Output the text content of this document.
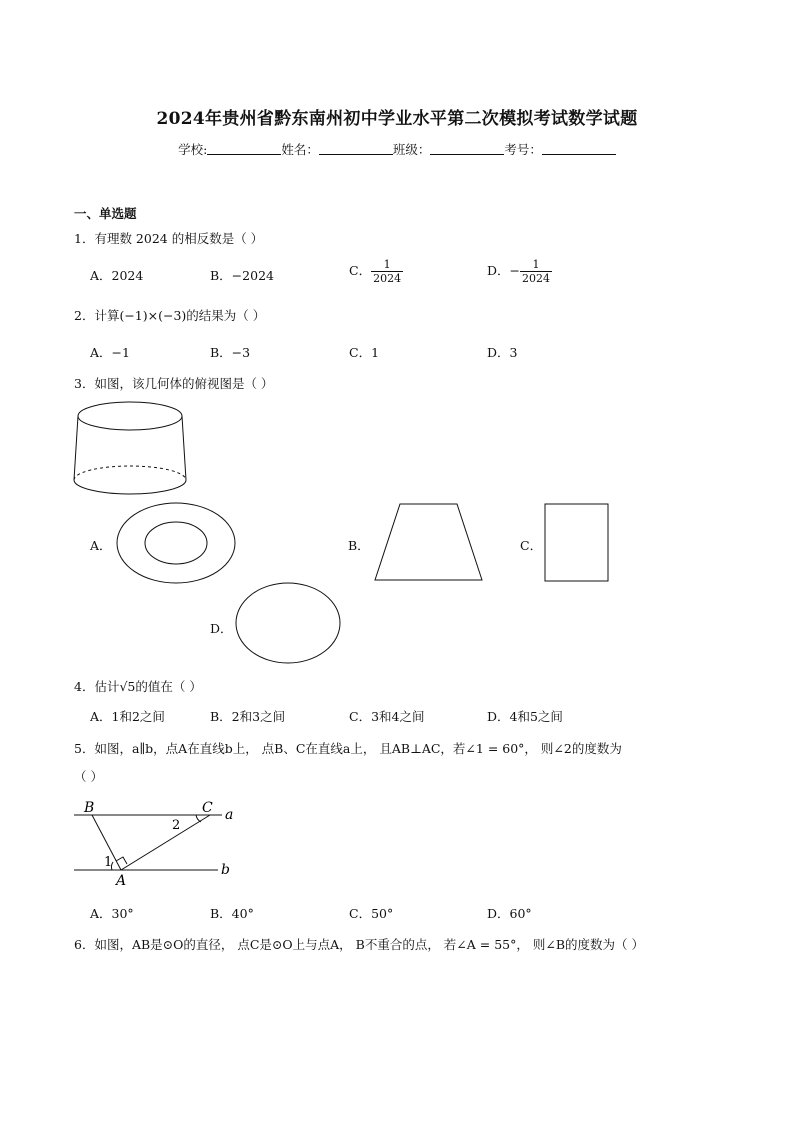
2024年贵州省黔东南州初中学业水平第二次模拟考试数学试题
学校:	姓名：	班级：	考号：
一、单选题
1．有理数 2024 的相反数是（ ）
A．2024	B．−2024	C． $\frac{1}{2024}$	D．− $\frac{1}{2024}$
2．计算(−1)×(−3)的结果为（ ）
A．−1	B．−3	C．1	D．3
3．如图，该几何体的俯视图是（ ）
A．	B．	C．
D．
4．估计√5的值在（ ）
A．1和2之间	B．2和3之间	C．3和4之间	D．4和5之间
5．如图，a∥b，点A在直线b上， 点B、C在直线a上， 且AB⊥AC，若∠1 = 60°， 则∠2的度数为
（ ）
B	C a
b
A
1
2
A．30°	B．40°	C．50°	D．60°
6．如图，AB是⊙O的直径， 点C是⊙O上与点A， B不重合的点， 若∠A = 55°， 则∠B的度数为（ ）
